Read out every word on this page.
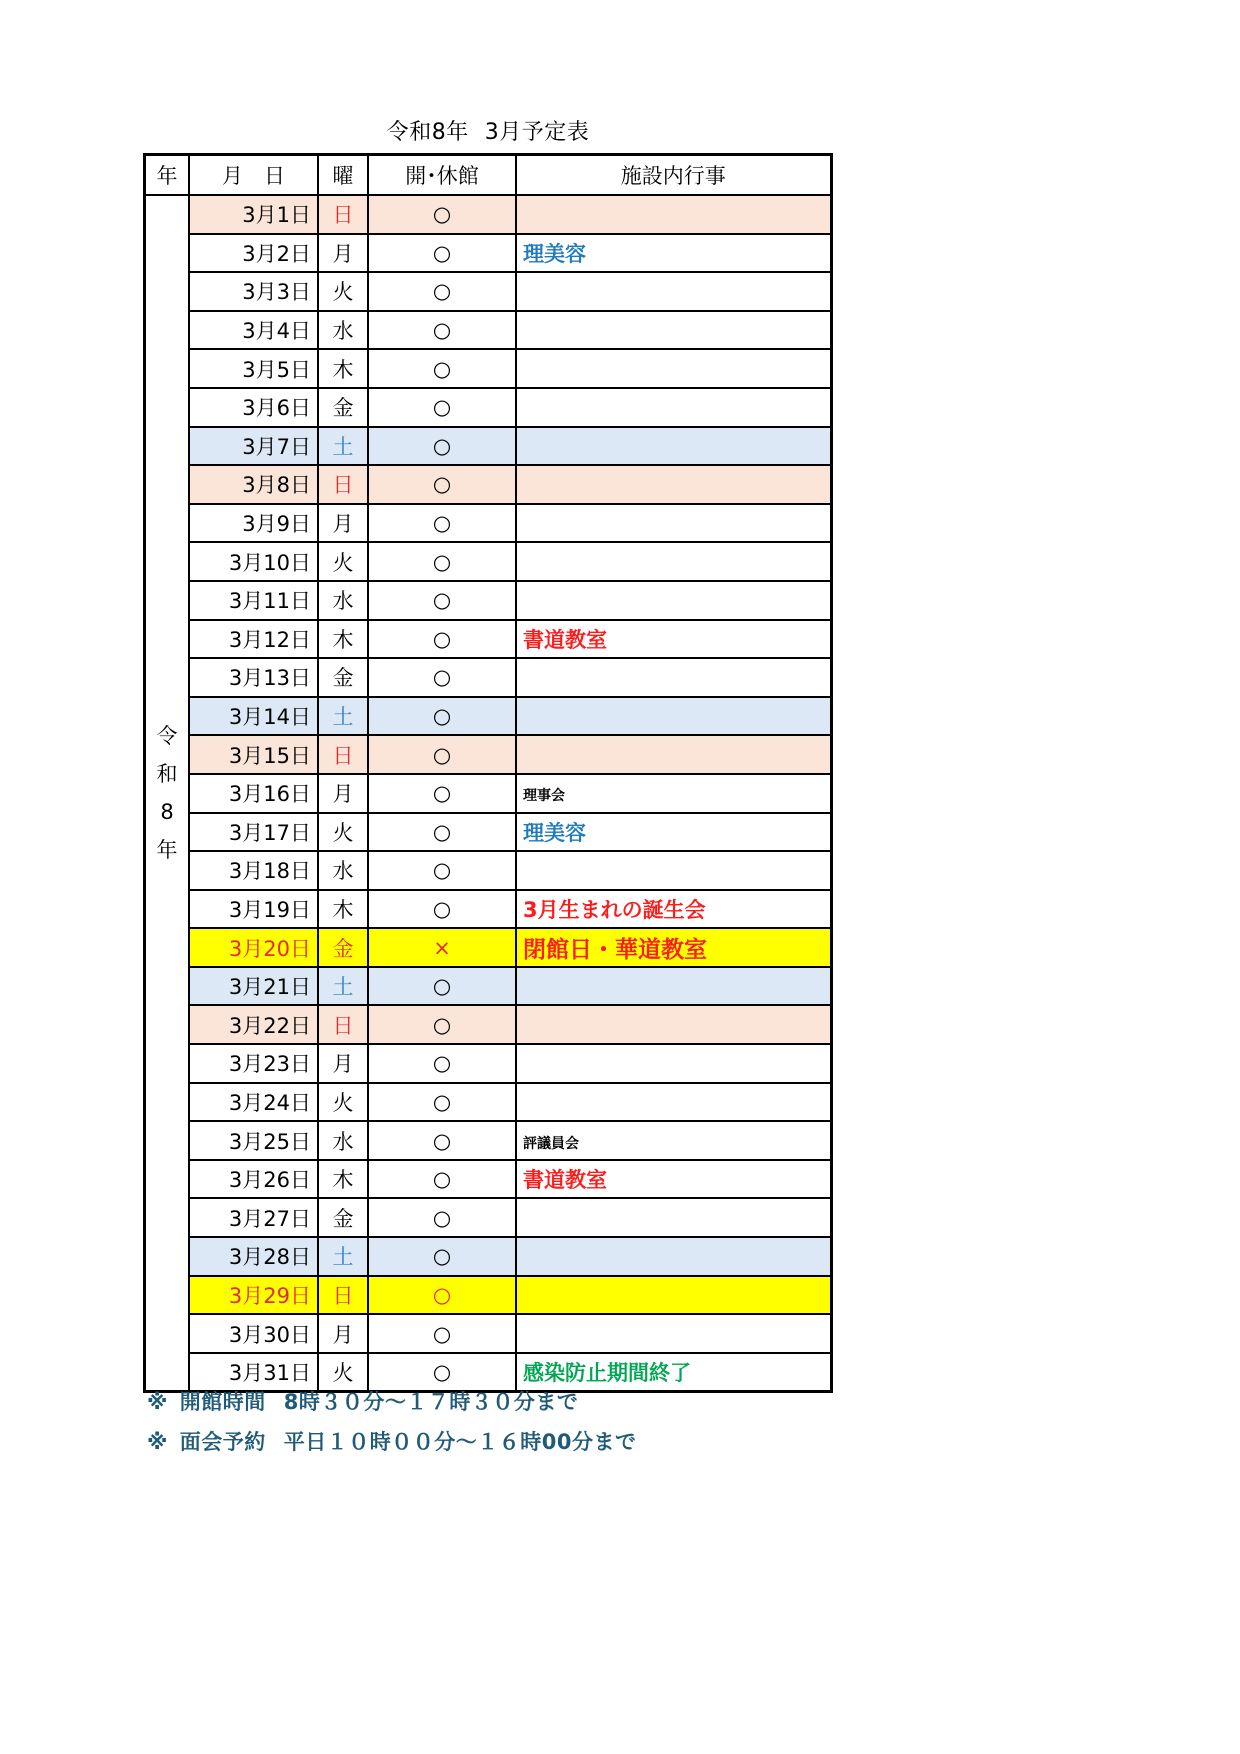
令和8年 3月予定表
年	月　日	曜	開･休館	施設内行事

令
和
8
年	3月1日	日	○	
	3月2日	月	○	理美容
	3月3日	火	○	
	3月4日	水	○	
	3月5日	木	○	
	3月6日	金	○	
	3月7日	土	○	
	3月8日	日	○	
	3月9日	月	○	
	3月10日	火	○	
	3月11日	水	○	
	3月12日	木	○	書道教室
	3月13日	金	○	
	3月14日	土	○	
	3月15日	日	○	
	3月16日	月	○	理事会
	3月17日	火	○	理美容
	3月18日	水	○	
	3月19日	木	○	3月生まれの誕生会
	3月20日	金	×	閉館日・華道教室
	3月21日	土	○	
	3月22日	日	○	
	3月23日	月	○	
	3月24日	火	○	
	3月25日	水	○	評議員会
	3月26日	木	○	書道教室
	3月27日	金	○	
	3月28日	土	○	
	3月29日	日	○	
	3月30日	月	○	
	3月31日	火	○	感染防止期間終了
※ 開館時間 8時３０分～１７時３０分まで
※ 面会予約 平日１０時００分～１６時00分まで
